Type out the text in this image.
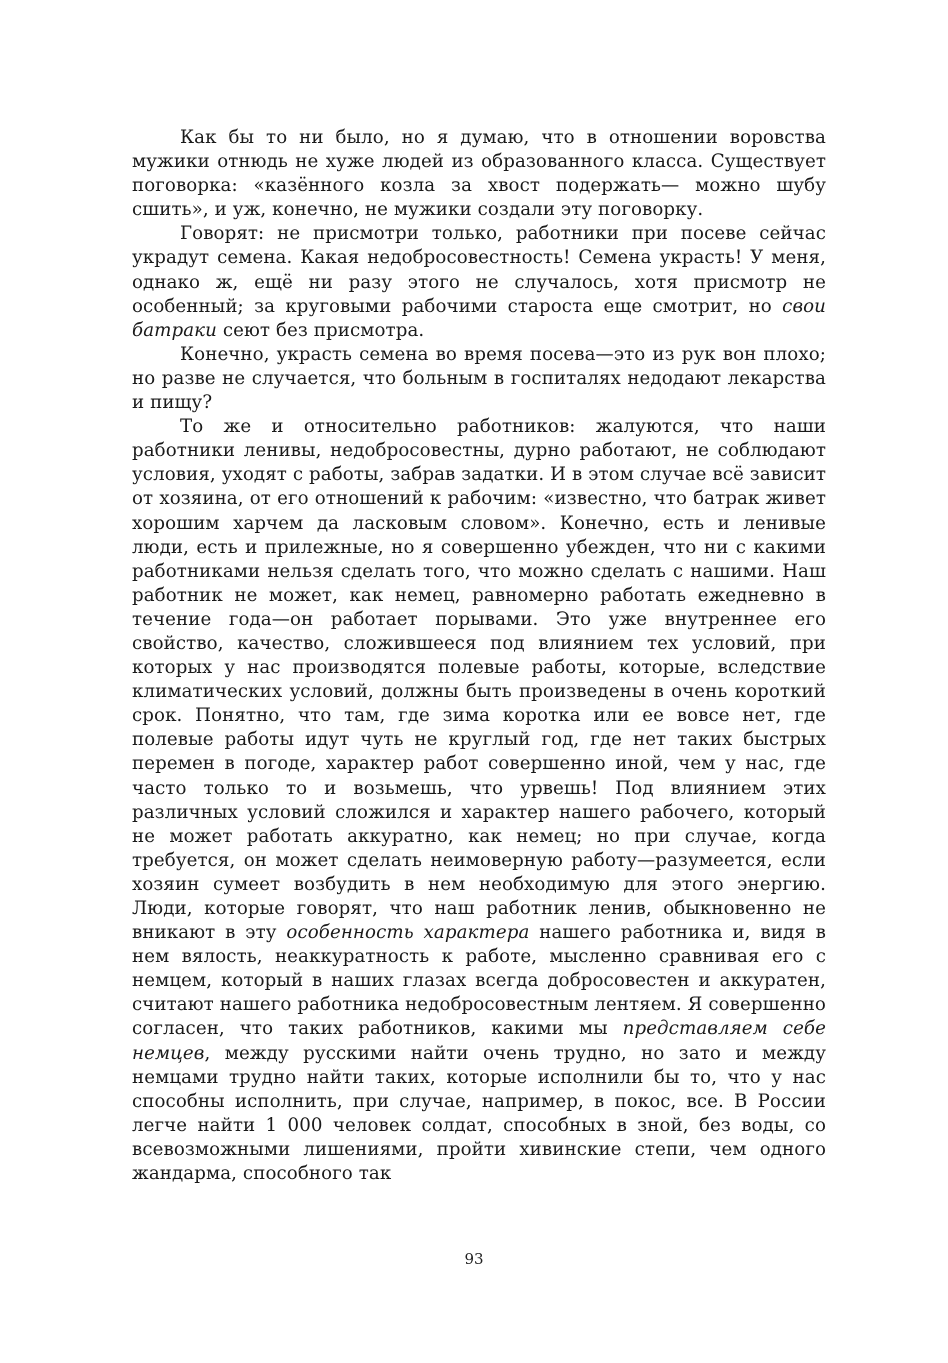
Как бы то ни было, но я думаю, что в отношении воровства мужики отнюдь не хуже людей из образованного класса. Существует поговорка: «казённого козла за хвост подержать— можно шубу сшить», и уж, конечно, не мужики создали эту поговорку.

Говорят: не присмотри только, работники при посеве сейчас украдут семена. Какая недобросовестность! Семена украсть! У меня, однако ж, ещё ни разу этого не случалось, хотя присмотр не особенный; за круговыми рабочими староста еще смотрит, но свои батраки сеют без присмотра.

Конечно, украсть семена во время посева—это из рук вон плохо; но разве не случается, что больным в госпиталях недодают лекарства и пищу?

То же и относительно работников: жалуются, что наши работники ленивы, недобросовестны, дурно работают, не соблюдают условия, уходят с работы, забрав задатки. И в этом случае всё зависит от хозяина, от его отношений к рабочим: «известно, что батрак живет хорошим харчем да ласковым словом». Конечно, есть и ленивые люди, есть и прилежные, но я совершенно убежден, что ни с какими работниками нельзя сделать того, что можно сделать с нашими. Наш работник не может, как немец, равномерно работать ежедневно в течение года—он работает порывами. Это уже внутреннее его свойство, качество, сложившееся под влиянием тех условий, при которых у нас производятся полевые работы, которые, вследствие климатических условий, должны быть произведены в очень короткий срок. Понятно, что там, где зима коротка или ее вовсе нет, где полевые работы идут чуть не круглый год, где нет таких быстрых перемен в погоде, характер работ совершенно иной, чем у нас, где часто только то и возьмешь, что урвешь! Под влиянием этих различных условий сложился и характер нашего рабочего, который не может работать аккуратно, как немец; но при случае, когда требуется, он может сделать неимоверную работу—разумеется, если хозяин сумеет возбудить в нем необходимую для этого энергию. Люди, которые говорят, что наш работник ленив, обыкновенно не вникают в эту особенность характера нашего работника и, видя в нем вялость, неаккуратность к работе, мысленно сравнивая его с немцем, который в наших глазах всегда добросовестен и аккуратен, считают нашего работника недобросовестным лентяем. Я совершенно согласен, что таких работников, какими мы представляем себе немцев, между русскими найти очень трудно, но зато и между немцами трудно найти таких, которые исполнили бы то, что у нас способны исполнить, при случае, например, в покос, все. В России легче найти 1 000 человек солдат, способных в зной, без воды, со всевозможными лишениями, пройти хивинские степи, чем одного жандарма, способного так

93
